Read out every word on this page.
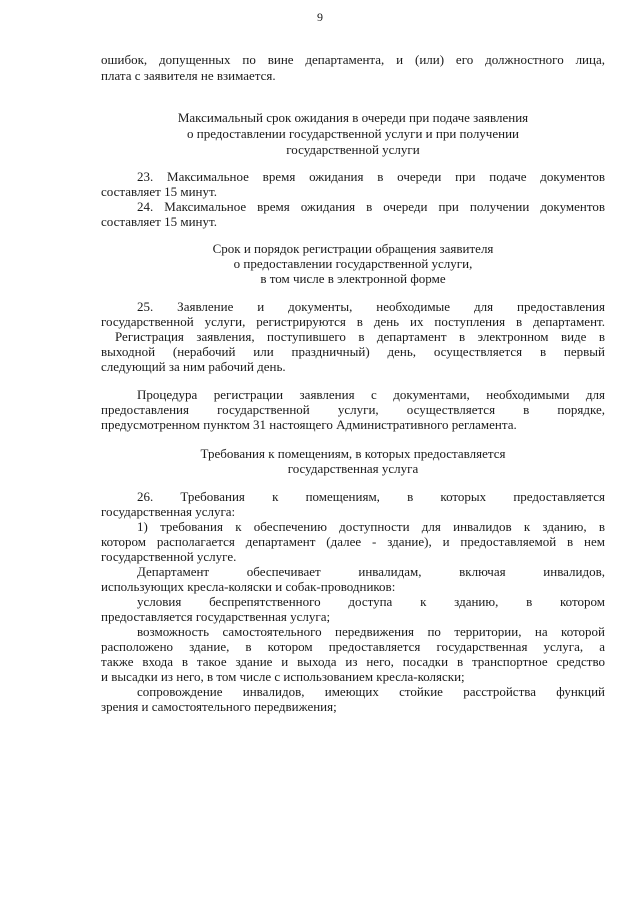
9
ошибок, допущенных по вине департамента, и (или) его должностного лица,
плата с заявителя не взимается.
Максимальный срок ожидания в очереди при подаче заявления
о предоставлении государственной услуги и при получении
государственной услуги
23. Максимальное время ожидания в очереди при подаче документов
составляет 15 минут.
24. Максимальное время ожидания в очереди при получении документов
составляет 15 минут.
Срок и порядок регистрации обращения заявителя
о предоставлении государственной услуги,
в том числе в электронной форме
25. Заявление и документы, необходимые для предоставления
государственной услуги, регистрируются в день их поступления в департамент.
Регистрация заявления, поступившего в департамент в электронном виде в
выходной (нерабочий или праздничный) день, осуществляется в первый
следующий за ним рабочий день.
Процедура регистрации заявления с документами, необходимыми для
предоставления государственной услуги, осуществляется в порядке,
предусмотренном пунктом 31 настоящего Административного регламента.
Требования к помещениям, в которых предоставляется
государственная услуга
26. Требования к помещениям, в которых предоставляется
государственная услуга:
1) требования к обеспечению доступности для инвалидов к зданию, в
котором располагается департамент (далее - здание), и предоставляемой в нем
государственной услуге.
Департамент обеспечивает инвалидам, включая инвалидов,
использующих кресла-коляски и собак-проводников:
условия беспрепятственного доступа к зданию, в котором
предоставляется государственная услуга;
возможность самостоятельного передвижения по территории, на которой
расположено здание, в котором предоставляется государственная услуга, а
также входа в такое здание и выхода из него, посадки в транспортное средство
и высадки из него, в том числе с использованием кресла-коляски;
сопровождение инвалидов, имеющих стойкие расстройства функций
зрения и самостоятельного передвижения;
